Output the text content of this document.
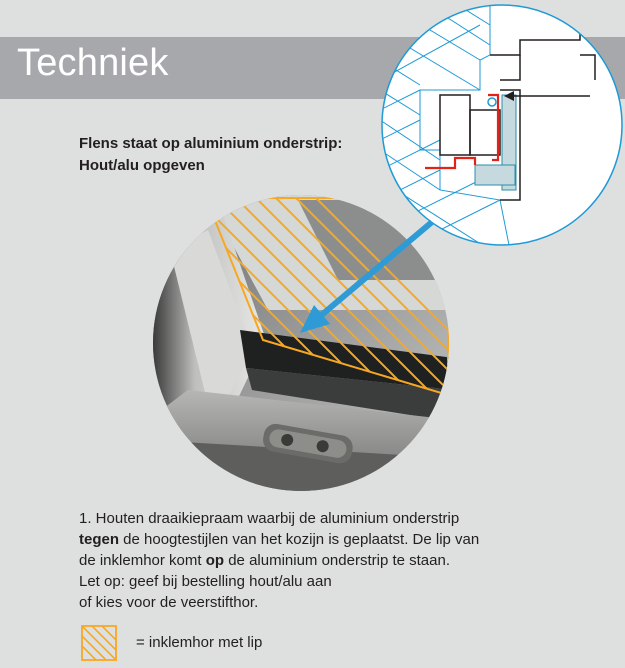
Techniek
Flens staat op aluminium onderstrip:
Hout/alu opgeven
1. Houten draaikiepraam waarbij de aluminium onderstrip
tegen de hoogtestijlen van het kozijn is geplaatst. De lip van
de inklemhor komt op de aluminium onderstrip te staan.
Let op: geef bij bestelling hout/alu aan
of kies voor de veerstifthor.
= inklemhor met lip
